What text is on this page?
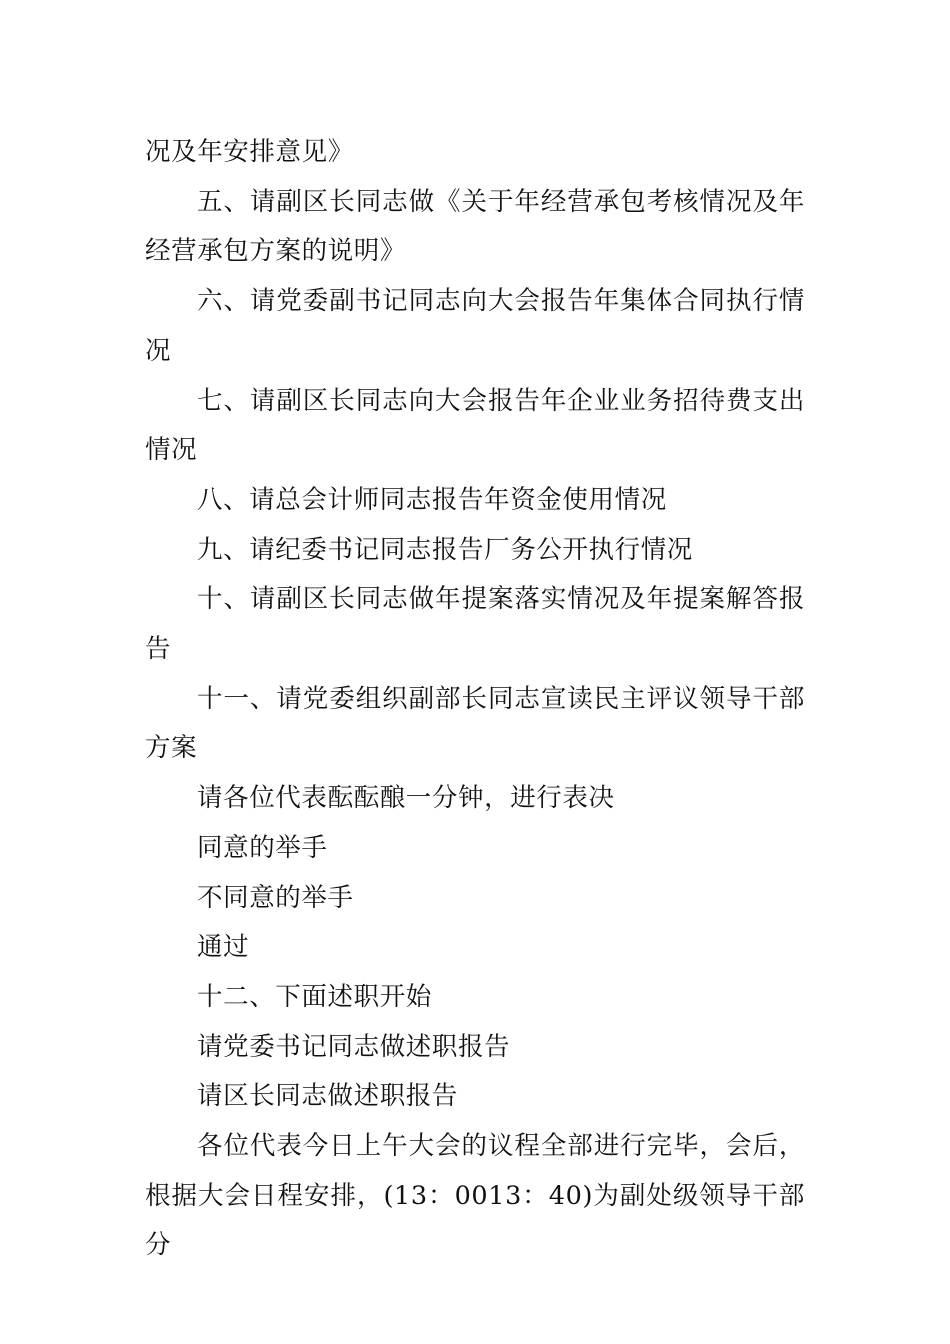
况及年安排意见》

五、请副区长同志做《关于年经营承包考核情况及年经营承包方案的说明》

六、请党委副书记同志向大会报告年集体合同执行情况

七、请副区长同志向大会报告年企业业务招待费支出情况

八、请总会计师同志报告年资金使用情况

九、请纪委书记同志报告厂务公开执行情况

十、请副区长同志做年提案落实情况及年提案解答报告

十一、请党委组织副部长同志宣读民主评议领导干部方案

请各位代表酝酝酿一分钟，进行表决

同意的举手

不同意的举手

通过

十二、下面述职开始

请党委书记同志做述职报告

请区长同志做述职报告

各位代表今日上午大会的议程全部进行完毕，会后，根据大会日程安排，(13：0013：40)为副处级领导干部分
